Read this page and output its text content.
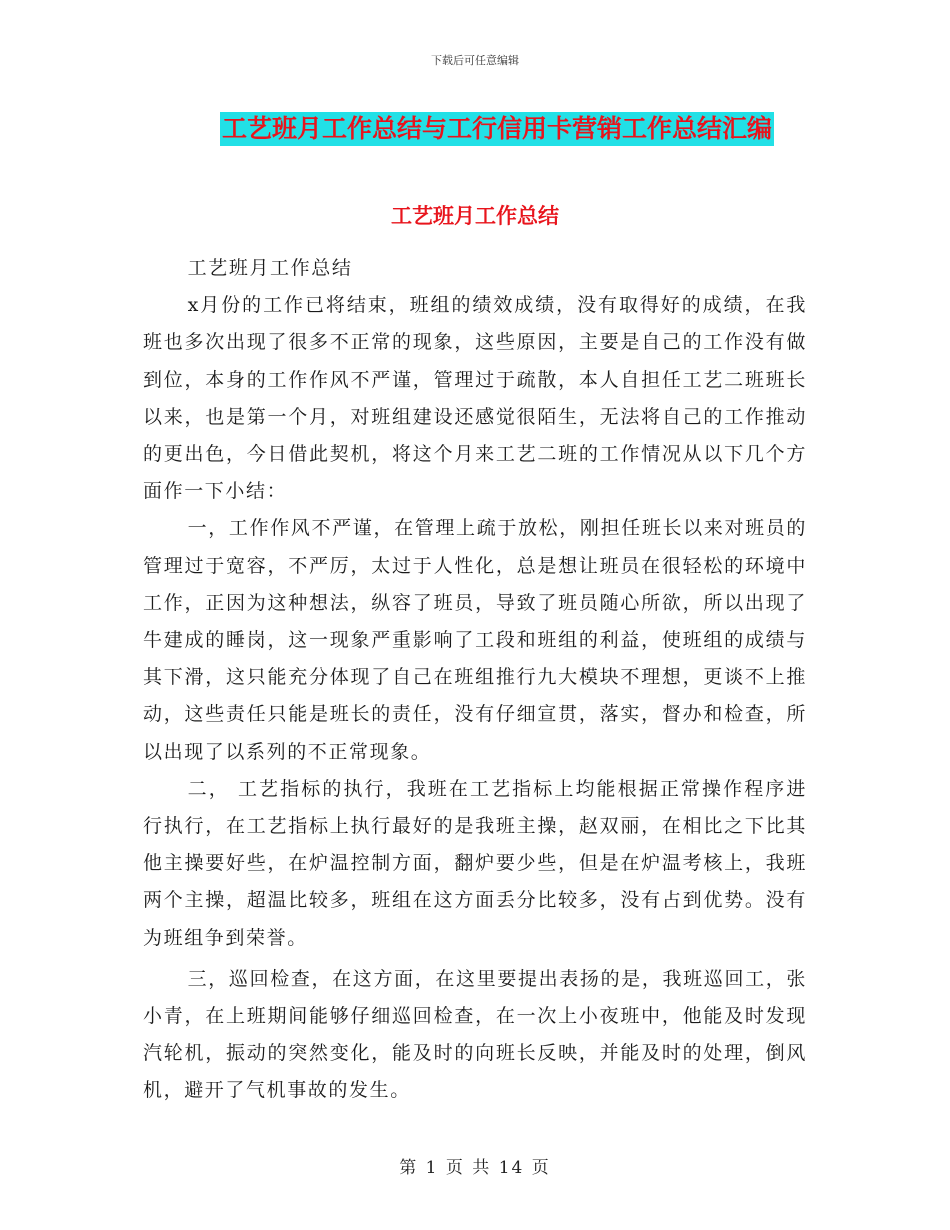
下载后可任意编辑
工艺班月工作总结与工行信用卡营销工作总结汇编
工艺班月工作总结

工艺班月工作总结

x月份的工作已将结束，班组的绩效成绩，没有取得好的成绩，在我班也多次出现了很多不正常的现象，这些原因，主要是自己的工作没有做到位，本身的工作作风不严谨，管理过于疏散，本人自担任工艺二班班长以来，也是第一个月，对班组建设还感觉很陌生，无法将自己的工作推动的更出色，今日借此契机，将这个月来工艺二班的工作情况从以下几个方面作一下小结：

一，工作作风不严谨，在管理上疏于放松，刚担任班长以来对班员的管理过于宽容，不严厉，太过于人性化，总是想让班员在很轻松的环境中工作，正因为这种想法，纵容了班员，导致了班员随心所欲，所以出现了牛建成的睡岗，这一现象严重影响了工段和班组的利益，使班组的成绩与其下滑，这只能充分体现了自己在班组推行九大模块不理想，更谈不上推动，这些责任只能是班长的责任，没有仔细宣贯，落实，督办和检查，所以出现了以系列的不正常现象。

二， 工艺指标的执行，我班在工艺指标上均能根据正常操作程序进行执行，在工艺指标上执行最好的是我班主操，赵双丽，在相比之下比其他主操要好些，在炉温控制方面，翻炉要少些，但是在炉温考核上，我班两个主操，超温比较多，班组在这方面丢分比较多，没有占到优势。没有为班组争到荣誉。

三，巡回检查，在这方面，在这里要提出表扬的是，我班巡回工，张小青，在上班期间能够仔细巡回检查，在一次上小夜班中，他能及时发现汽轮机，振动的突然变化，能及时的向班长反映，并能及时的处理，倒风机，避开了气机事故的发生。

第 1 页 共 14 页
